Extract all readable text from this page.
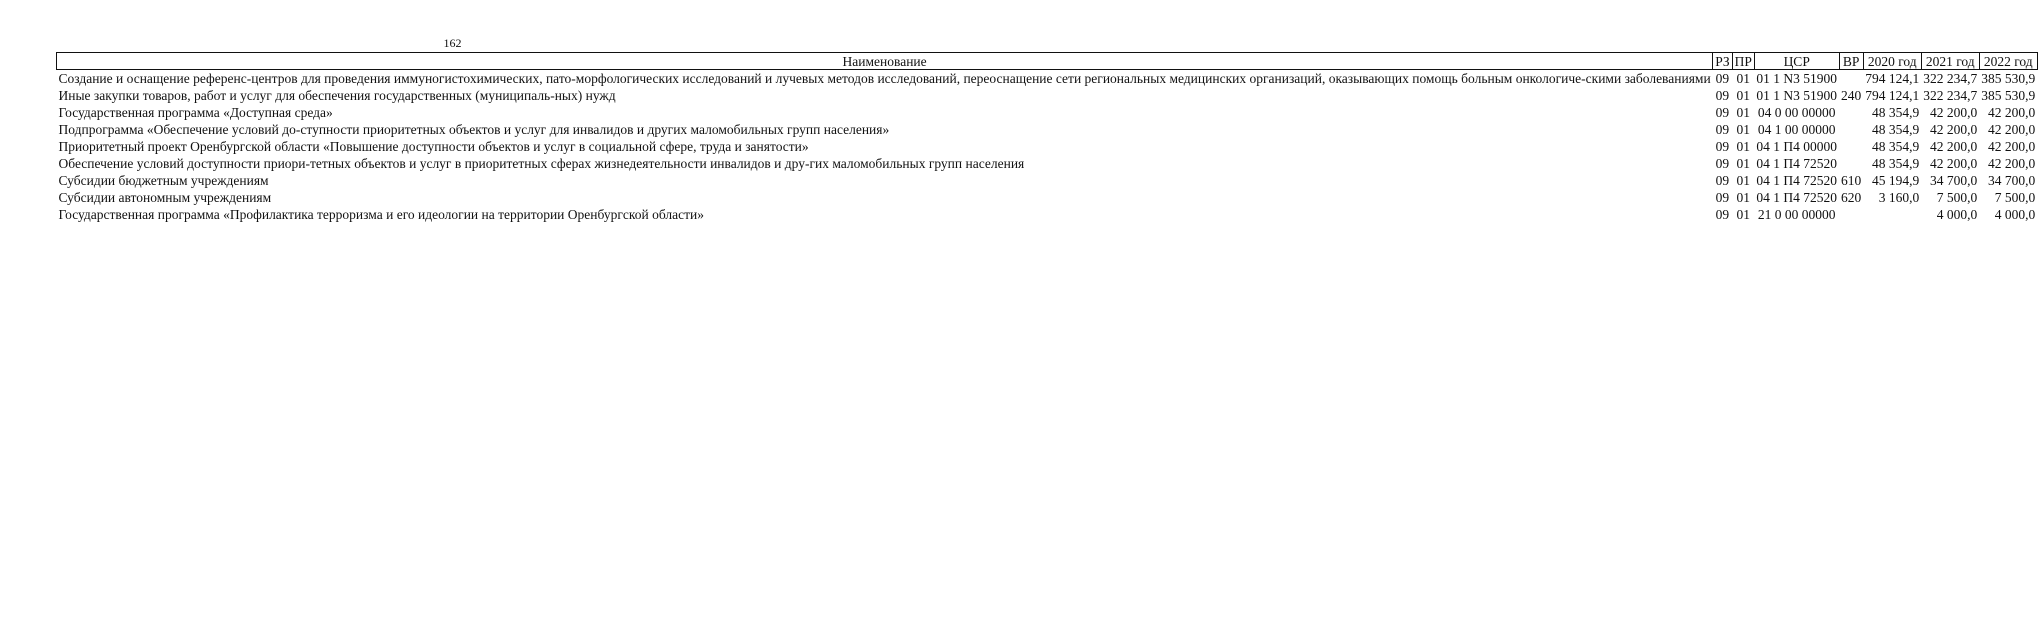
162
Наименование	РЗ	ПР	ЦСР	ВР	2020 год	2021 год	2022 год
Создание и оснащение референс-центров для проведения иммуногистохимических, пато-морфологических исследований и лучевых методов исследований, переоснащение сети региональных медицинских организаций, оказывающих помощь больным онкологиче-скими заболеваниями	09	01	01 1 N3 51900		794 124,1	322 234,7	385 530,9
Иные закупки товаров, работ и услуг для обеспечения государственных (муниципаль-ных) нужд	09	01	01 1 N3 51900	240	794 124,1	322 234,7	385 530,9
Государственная программа «Доступная среда»	09	01	04 0 00 00000		48 354,9	42 200,0	42 200,0
Подпрограмма «Обеспечение условий до-ступности приоритетных объектов и услуг для инвалидов и других маломобильных групп населения»	09	01	04 1 00 00000		48 354,9	42 200,0	42 200,0
Приоритетный проект Оренбургской области «Повышение доступности объектов и услуг в социальной сфере, труда и занятости»	09	01	04 1 П4 00000		48 354,9	42 200,0	42 200,0
Обеспечение условий доступности приори-тетных объектов и услуг в приоритетных сферах жизнедеятельности инвалидов и дру-гих маломобильных групп населения	09	01	04 1 П4 72520		48 354,9	42 200,0	42 200,0
Субсидии бюджетным учреждениям	09	01	04 1 П4 72520	610	45 194,9	34 700,0	34 700,0
Субсидии автономным учреждениям	09	01	04 1 П4 72520	620	3 160,0	7 500,0	7 500,0
Государственная программа «Профилактика терроризма и его идеологии на территории Оренбургской области»	09	01	21 0 00 00000			4 000,0	4 000,0
